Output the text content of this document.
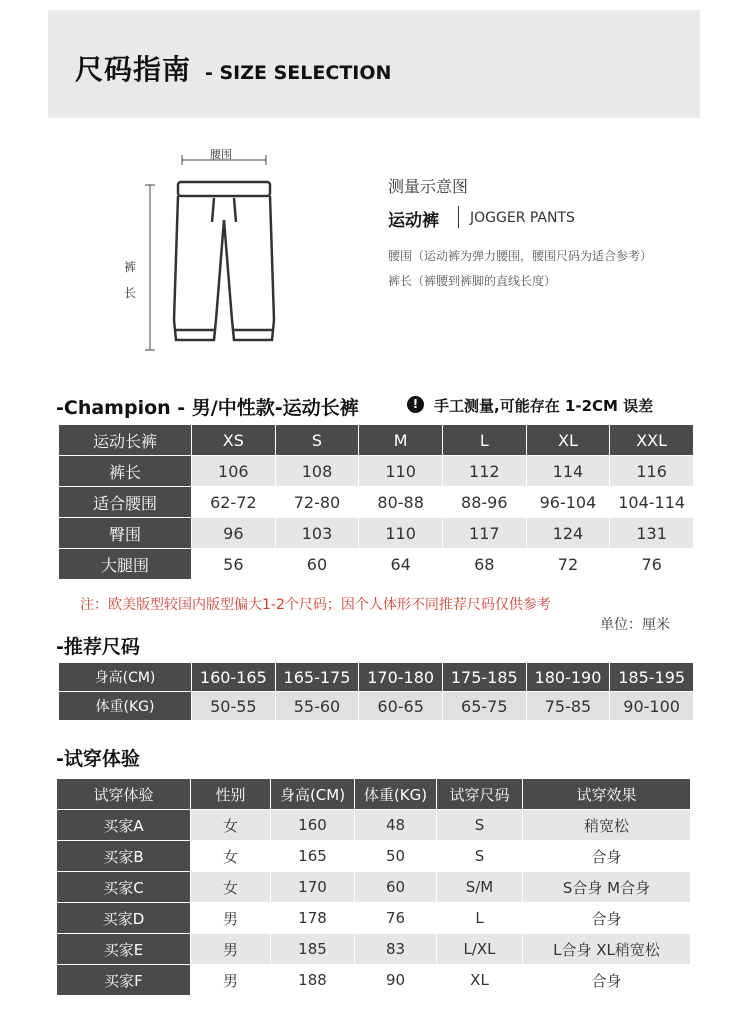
尺码指南 - SIZE SELECTION
腰围
裤
长
测量示意图
运动裤 JOGGER PANTS
腰围（运动裤为弹力腰围，腰围尺码为适合参考）
裤长（裤腰到裤脚的直线长度）
-Champion - 男/中性款-运动长裤	!	手工测量,可能存在 1-2CM 误差
运动长裤	XS	S	M	L	XL	XXL
裤长	106	108	110	112	114	116
适合腰围	62-72	72-80	80-88	88-96	96-104	104-114
臀围	96	103	110	117	124	131
大腿围	56	60	64	68	72	76
注：欧美版型较国内版型偏大1-2个尺码；因个人体形不同推荐尺码仅供参考
单位：厘米
-推荐尺码
身高(CM)	160-165	165-175	170-180	175-185	180-190	185-195
体重(KG)	50-55	55-60	60-65	65-75	75-85	90-100
-试穿体验
试穿体验	性别	身高(CM)	体重(KG)	试穿尺码	试穿效果
买家A	女	160	48	S	稍宽松
买家B	女	165	50	S	合身
买家C	女	170	60	S/M	S合身 M合身
买家D	男	178	76	L	合身
买家E	男	185	83	L/XL	L合身 XL稍宽松
买家F	男	188	90	XL	合身
